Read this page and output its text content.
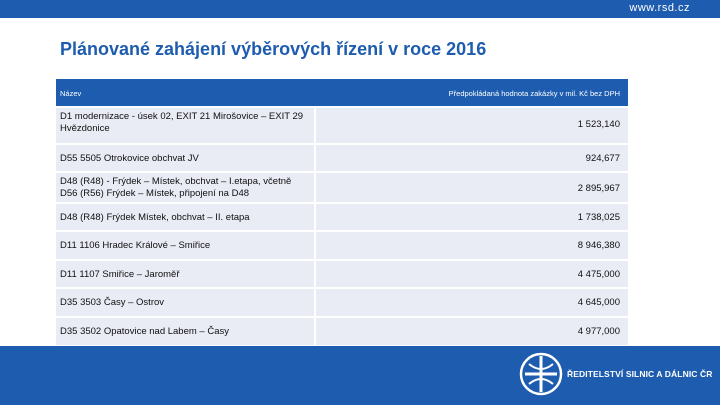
www.rsd.cz
Plánované zahájení výběrových řízení v roce 2016
Název	Předpokládaná hodnota zakázky v mil. Kč bez DPH
D1 modernizace - úsek 02, EXIT 21 Mirošovice – EXIT 29 Hvězdonice	1 523,140
D55 5505 Otrokovice obchvat JV	924,677
D48 (R48) - Frýdek – Místek, obchvat – I.etapa, včetně D56 (R56) Frýdek – Místek, připojení na D48	2 895,967
D48 (R48) Frýdek Místek, obchvat – II. etapa	1 738,025
D11 1106 Hradec Králové – Smiřice	8 946,380
D11 1107 Smiřice – Jaroměř	4 475,000
D35 3503 Časy – Ostrov	4 645,000
D35 3502 Opatovice nad Labem – Časy	4 977,000
ŘEDITELSTVÍ SILNIC A DÁLNIC ČR
